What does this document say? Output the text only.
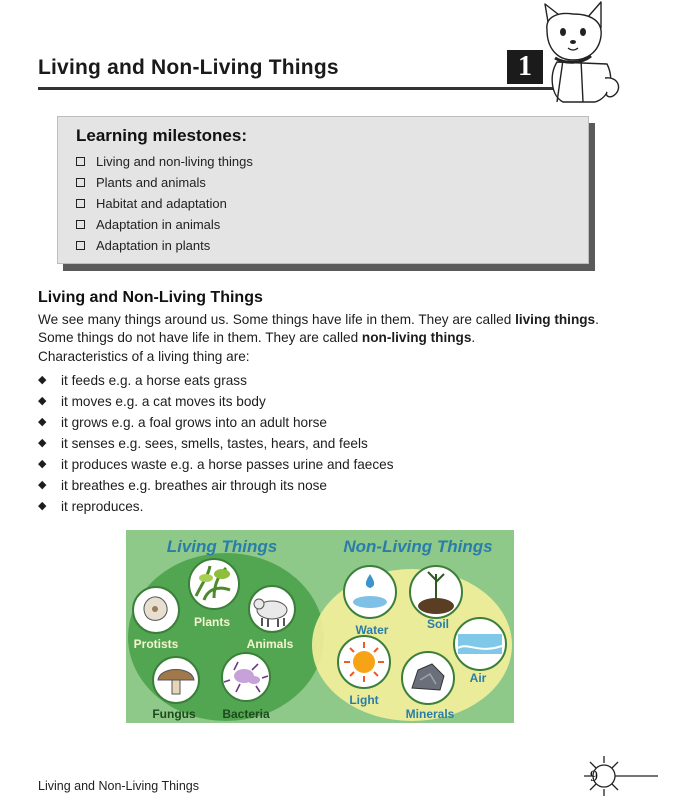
Living and Non-Living Things	1
Learning milestones:
Living and non-living things
Plants and animals
Habitat and adaptation
Adaptation in animals
Adaptation in plants
Living and Non-Living Things
We see many things around us. Some things have life in them. They are called living things. Some things do not have life in them. They are called non-living things.
Characteristics of a living thing are:
◆	it feeds e.g. a horse eats grass
◆	it moves e.g. a cat moves its body
◆	it grows e.g. a foal grows into an adult horse
◆	it senses e.g. sees, smells, tastes, hears, and feels
◆	it produces waste e.g. a horse passes urine and faeces
◆	it breathes e.g. breathes air through its nose
◆	it reproduces.
Living Things	Non-Living Things
Plants
Protists	Animals
Fungus Bacteria
Water	Soil
Air
Light
Minerals
Living and Non-Living Things
9
